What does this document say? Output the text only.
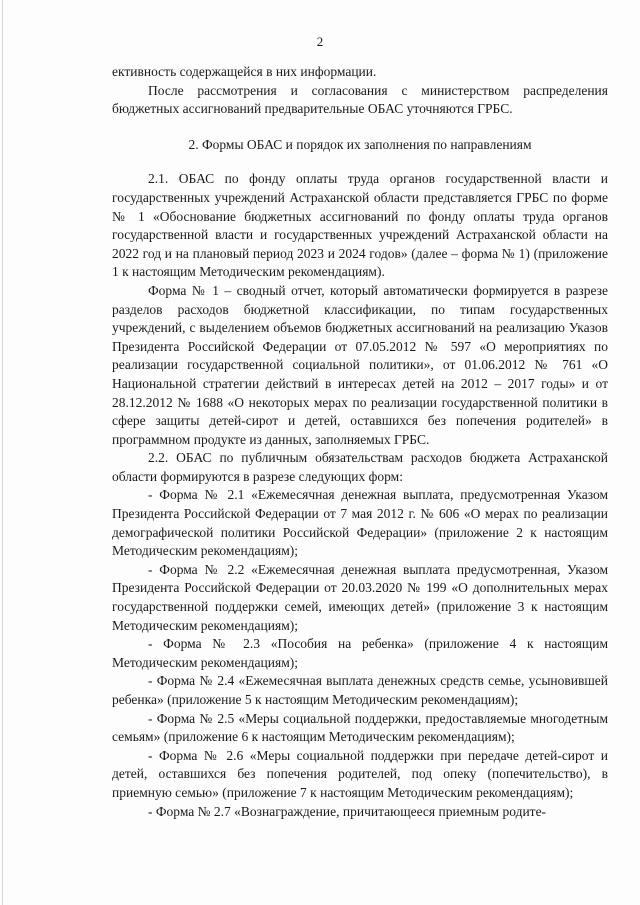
2

ективность содержащейся в них информации.

После рассмотрения и согласования с министерством распределения бюджетных ассигнований предварительные ОБАС уточняются ГРБС.

2. Формы ОБАС и порядок их заполнения по направлениям

2.1. ОБАС по фонду оплаты труда органов государственной власти и государственных учреждений Астраханской области представляется ГРБС по форме № 1 «Обоснование бюджетных ассигнований по фонду оплаты труда органов государственной власти и государственных учреждений Астраханской области на 2022 год и на плановый период 2023 и 2024 годов» (далее – форма № 1) (приложение 1 к настоящим Методическим рекомендациям).

Форма № 1 – сводный отчет, который автоматически формируется в разрезе разделов расходов бюджетной классификации, по типам государственных учреждений, с выделением объемов бюджетных ассигнований на реализацию Указов Президента Российской Федерации от 07.05.2012 № 597 «О мероприятиях по реализации государственной социальной политики», от 01.06.2012 № 761 «О Национальной стратегии действий в интересах детей на 2012 – 2017 годы» и от 28.12.2012 № 1688 «О некоторых мерах по реализации государственной политики в сфере защиты детей-сирот и детей, оставшихся без попечения родителей» в программном продукте из данных, заполняемых ГРБС.

2.2. ОБАС по публичным обязательствам расходов бюджета Астраханской области формируются в разрезе следующих форм:

- Форма № 2.1 «Ежемесячная денежная выплата, предусмотренная Указом Президента Российской Федерации от 7 мая 2012 г. № 606 «О мерах по реализации демографической политики Российской Федерации» (приложение 2 к настоящим Методическим рекомендациям);

- Форма № 2.2 «Ежемесячная денежная выплата предусмотренная, Указом Президента Российской Федерации от 20.03.2020 № 199 «О дополнительных мерах государственной поддержки семей, имеющих детей» (приложение 3 к настоящим Методическим рекомендациям);

- Форма № 2.3 «Пособия на ребенка» (приложение 4 к настоящим Методическим рекомендациям);

- Форма № 2.4 «Ежемесячная выплата денежных средств семье, усыновившей ребенка» (приложение 5 к настоящим Методическим рекомендациям);

- Форма № 2.5 «Меры социальной поддержки, предоставляемые многодетным семьям» (приложение 6 к настоящим Методическим рекомендациям);

- Форма № 2.6 «Меры социальной поддержки при передаче детей-сирот и детей, оставшихся без попечения родителей, под опеку (попечительство), в приемную семью» (приложение 7 к настоящим Методическим рекомендациям);

- Форма № 2.7 «Вознаграждение, причитающееся приемным родите-
